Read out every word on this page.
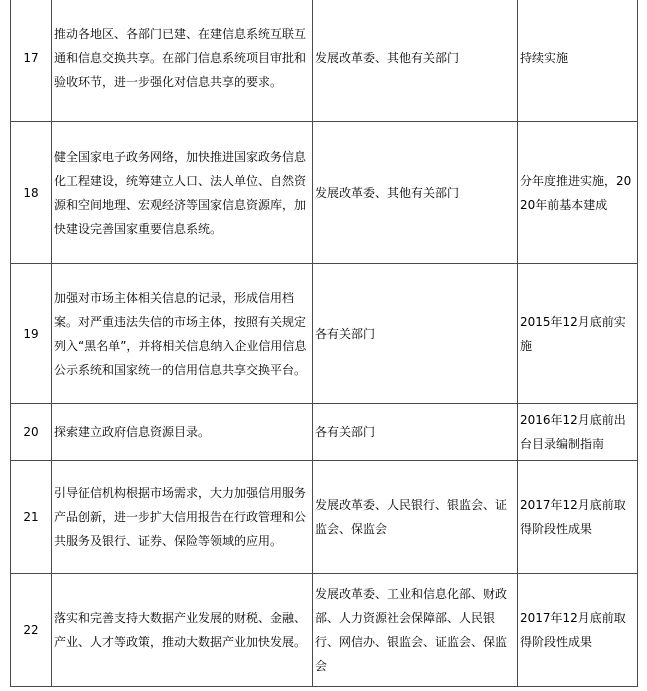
17	推动各地区、各部门已建、在建信息系统互联互通和信息交换共享。在部门信息系统项目审批和验收环节，进一步强化对信息共享的要求。	发展改革委、其他有关部门	持续实施
18	健全国家电子政务网络，加快推进国家政务信息化工程建设，统筹建立人口、法人单位、自然资源和空间地理、宏观经济等国家信息资源库，加快建设完善国家重要信息系统。	发展改革委、其他有关部门	分年度推进实施，2020年前基本建成
19	加强对市场主体相关信息的记录，形成信用档案。对严重违法失信的市场主体，按照有关规定列入“黑名单”，并将相关信息纳入企业信用信息公示系统和国家统一的信用信息共享交换平台。	各有关部门	2015年12月底前实施
20	探索建立政府信息资源目录。	各有关部门	2016年12月底前出台目录编制指南
21	引导征信机构根据市场需求，大力加强信用服务产品创新，进一步扩大信用报告在行政管理和公共服务及银行、证券、保险等领域的应用。	发展改革委、人民银行、银监会、证监会、保监会	2017年12月底前取得阶段性成果
22	落实和完善支持大数据产业发展的财税、金融、产业、人才等政策，推动大数据产业加快发展。	发展改革委、工业和信息化部、财政部、人力资源社会保障部、人民银行、网信办、银监会、证监会、保监会	2017年12月底前取得阶段性成果
